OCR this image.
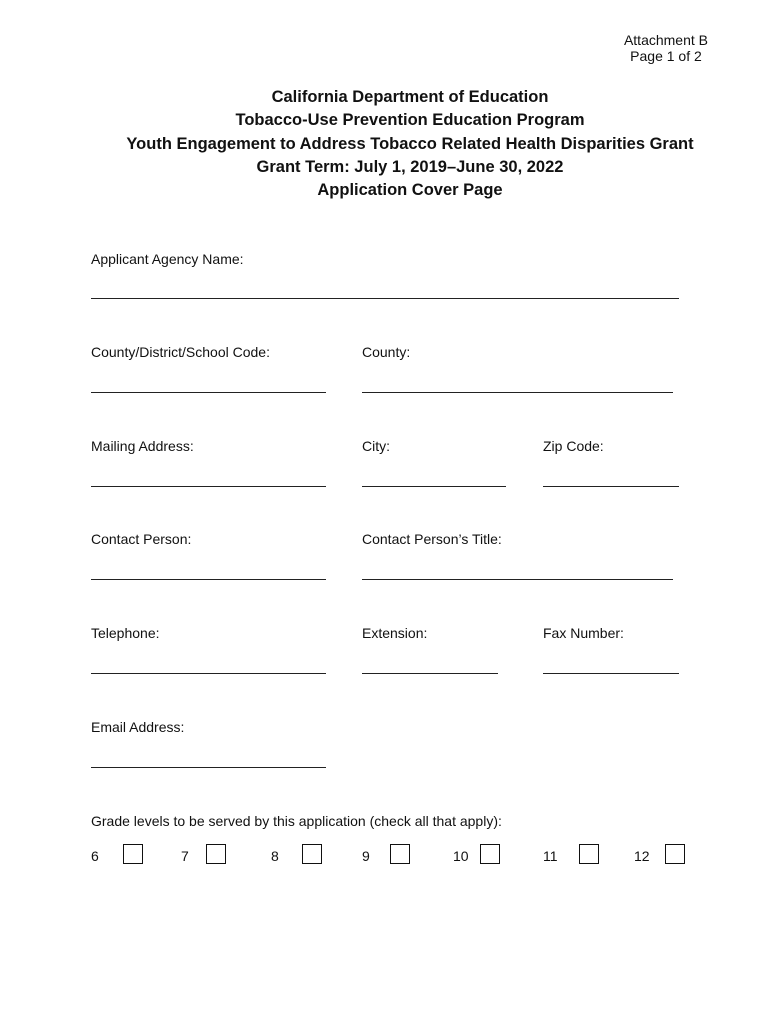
Attachment B
Page 1 of 2
California Department of Education
Tobacco-Use Prevention Education Program
Youth Engagement to Address Tobacco Related Health Disparities Grant
Grant Term: July 1, 2019–June 30, 2022
Application Cover Page
Applicant Agency Name:
County/District/School Code:	County:
Mailing Address:	City:	Zip Code:
Contact Person:	Contact Person’s Title:
Telephone:	Extension:	Fax Number:
Email Address:
Grade levels to be served by this application (check all that apply):
6	7	8	9	10	11	12
